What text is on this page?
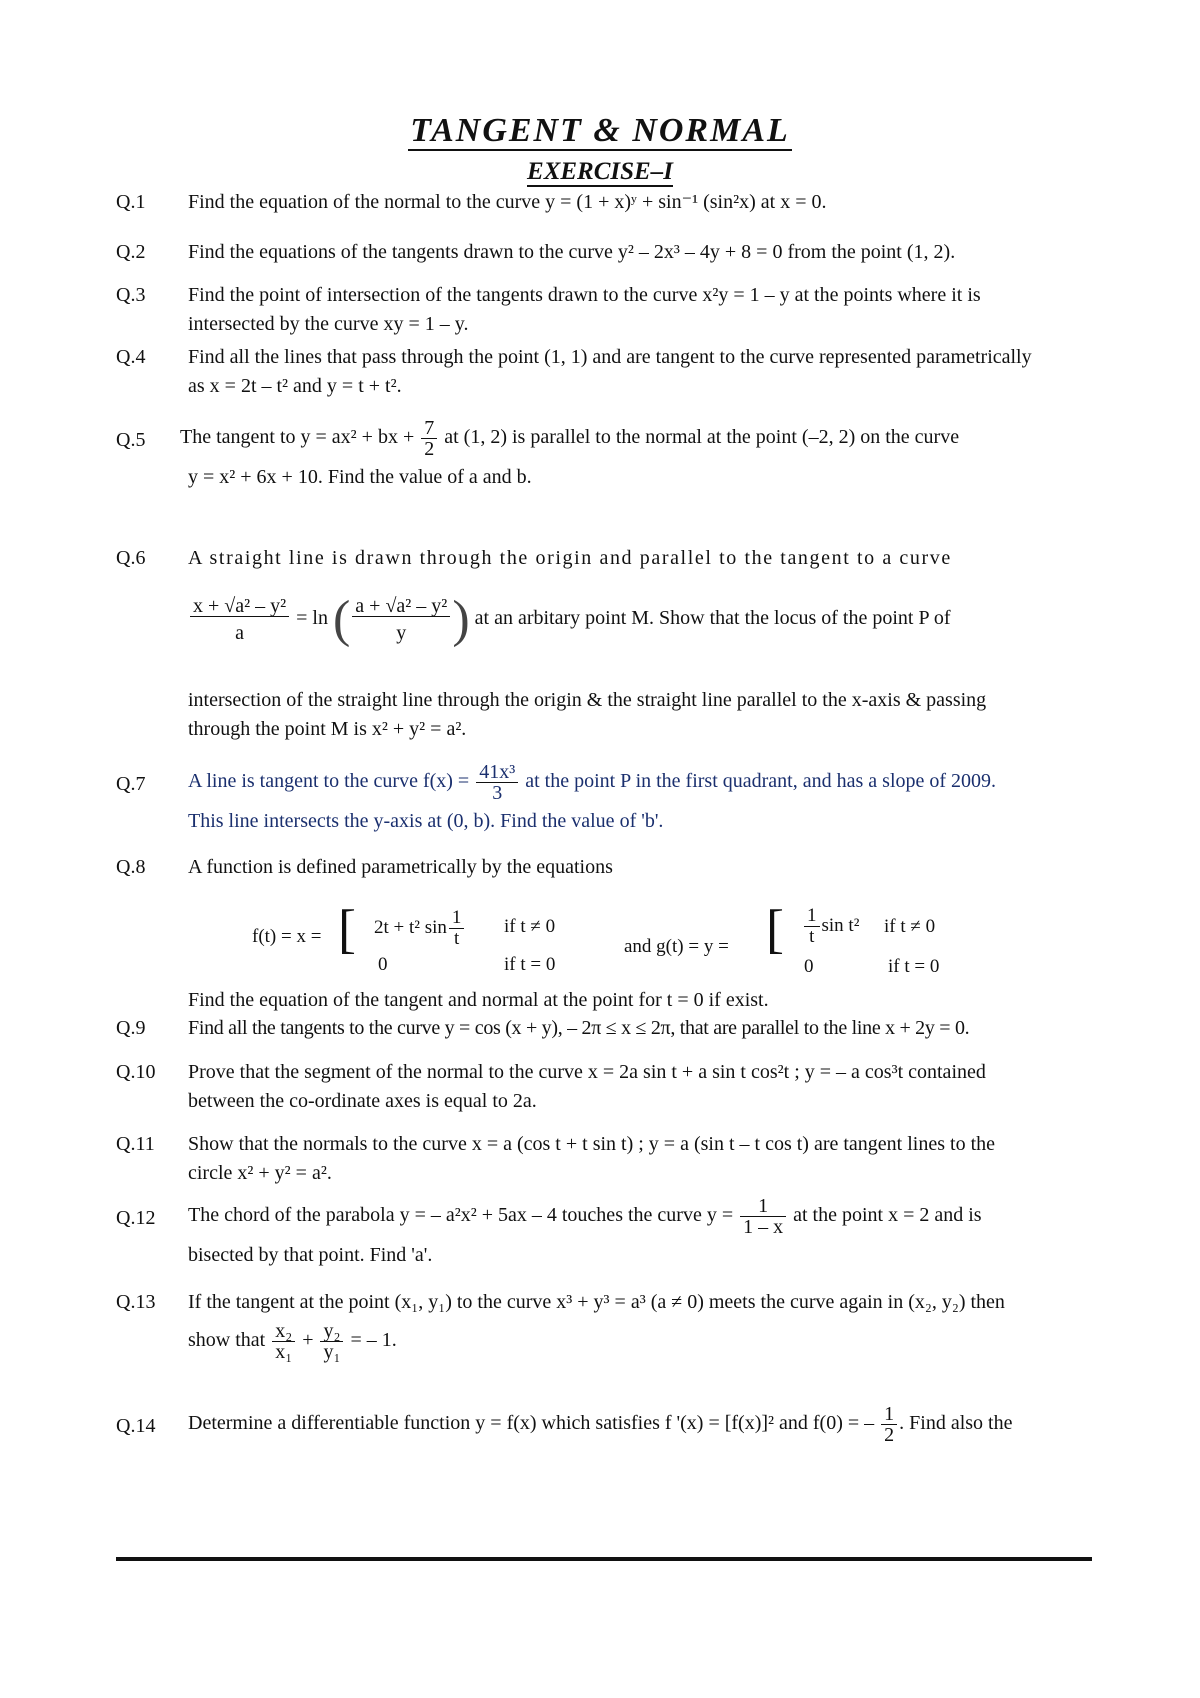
TANGENT & NORMAL
EXERCISE–I
Q.1	Find the equation of the normal to the curve y = (1 + x)ʸ + sin⁻¹ (sin²x) at x = 0.
Q.2	Find the equations of the tangents drawn to the curve y² – 2x³ – 4y + 8 = 0 from the point (1, 2).
Q.3	Find the point of intersection of the tangents drawn to the curve x²y = 1 – y at the points where it is
intersected by the curve xy = 1 – y.
Q.4	Find all the lines that pass through the point (1, 1) and are tangent to the curve represented parametrically
as x = 2t – t² and y = t + t².
Q.5	The tangent to y = ax² + bx + $\frac{7}{2}$ at (1, 2) is parallel to the normal at the point (–2, 2) on the curve
y = x² + 6x + 10. Find the value of a and b.
Q.6	A straight line is drawn through the origin and parallel to the tangent to a curve
$\frac{\text{x + √a² – y²}}{a} = \ln$ ( $\frac{\text{a + √a² – y²}}{y}$ ) at an arbitary point M. Show that the locus of the point P of
intersection of the straight line through the origin & the straight line parallel to the x-axis & passing
through the point M is x² + y² = a².
Q.7	A line is tangent to the curve $f(x) = \frac{\text{41x³}}{3}$ at the point P in the first quadrant, and has a slope of 2009.
This line intersects the y-axis at (0, b). Find the value of 'b'.
Q.8	A function is defined parametrically by the equations
f(t) = x = [ 2t + t² $\sin \frac{1}{t}$ if t ≠ 0
0	if t = 0
and g(t) = y = [ $\frac{1}{t}$ sin t² if t ≠ 0
0	if t = 0
Find the equation of the tangent and normal at the point for t = 0 if exist.
Q.9	Find all the tangents to the curve y = cos (x + y), – 2π ≤ x ≤ 2π, that are parallel to the line x + 2y = 0.
Q.10	Prove that the segment of the normal to the curve x = 2a sin t + a sin t cos²t ; y = – a cos³t contained
between the co-ordinate axes is equal to 2a.
Q.11	Show that the normals to the curve x = a (cos t + t sin t) ; y = a (sin t – t cos t) are tangent lines to the
circle x² + y² = a².
Q.12	The chord of the parabola y = – a²x² + 5ax – 4 touches the curve $y = \frac{1}{1 - x}$ at the point x = 2 and is
bisected by that point. Find 'a'.
Q.13	If the tangent at the point (x₁, y₁) to the curve x³ + y³ = a³ (a ≠ 0) meets the curve again in (x₂, y₂) then
show that $\frac{\text{x₂}}{\text{x₁}} + \frac{\text{y₂}}{\text{y₁}}$ = – 1.
Q.14	Determine a differentiable function y = f(x) which satisfies f '(x) = [f(x)]² and f(0) = – $\frac{1}{2}$ . Find also the
